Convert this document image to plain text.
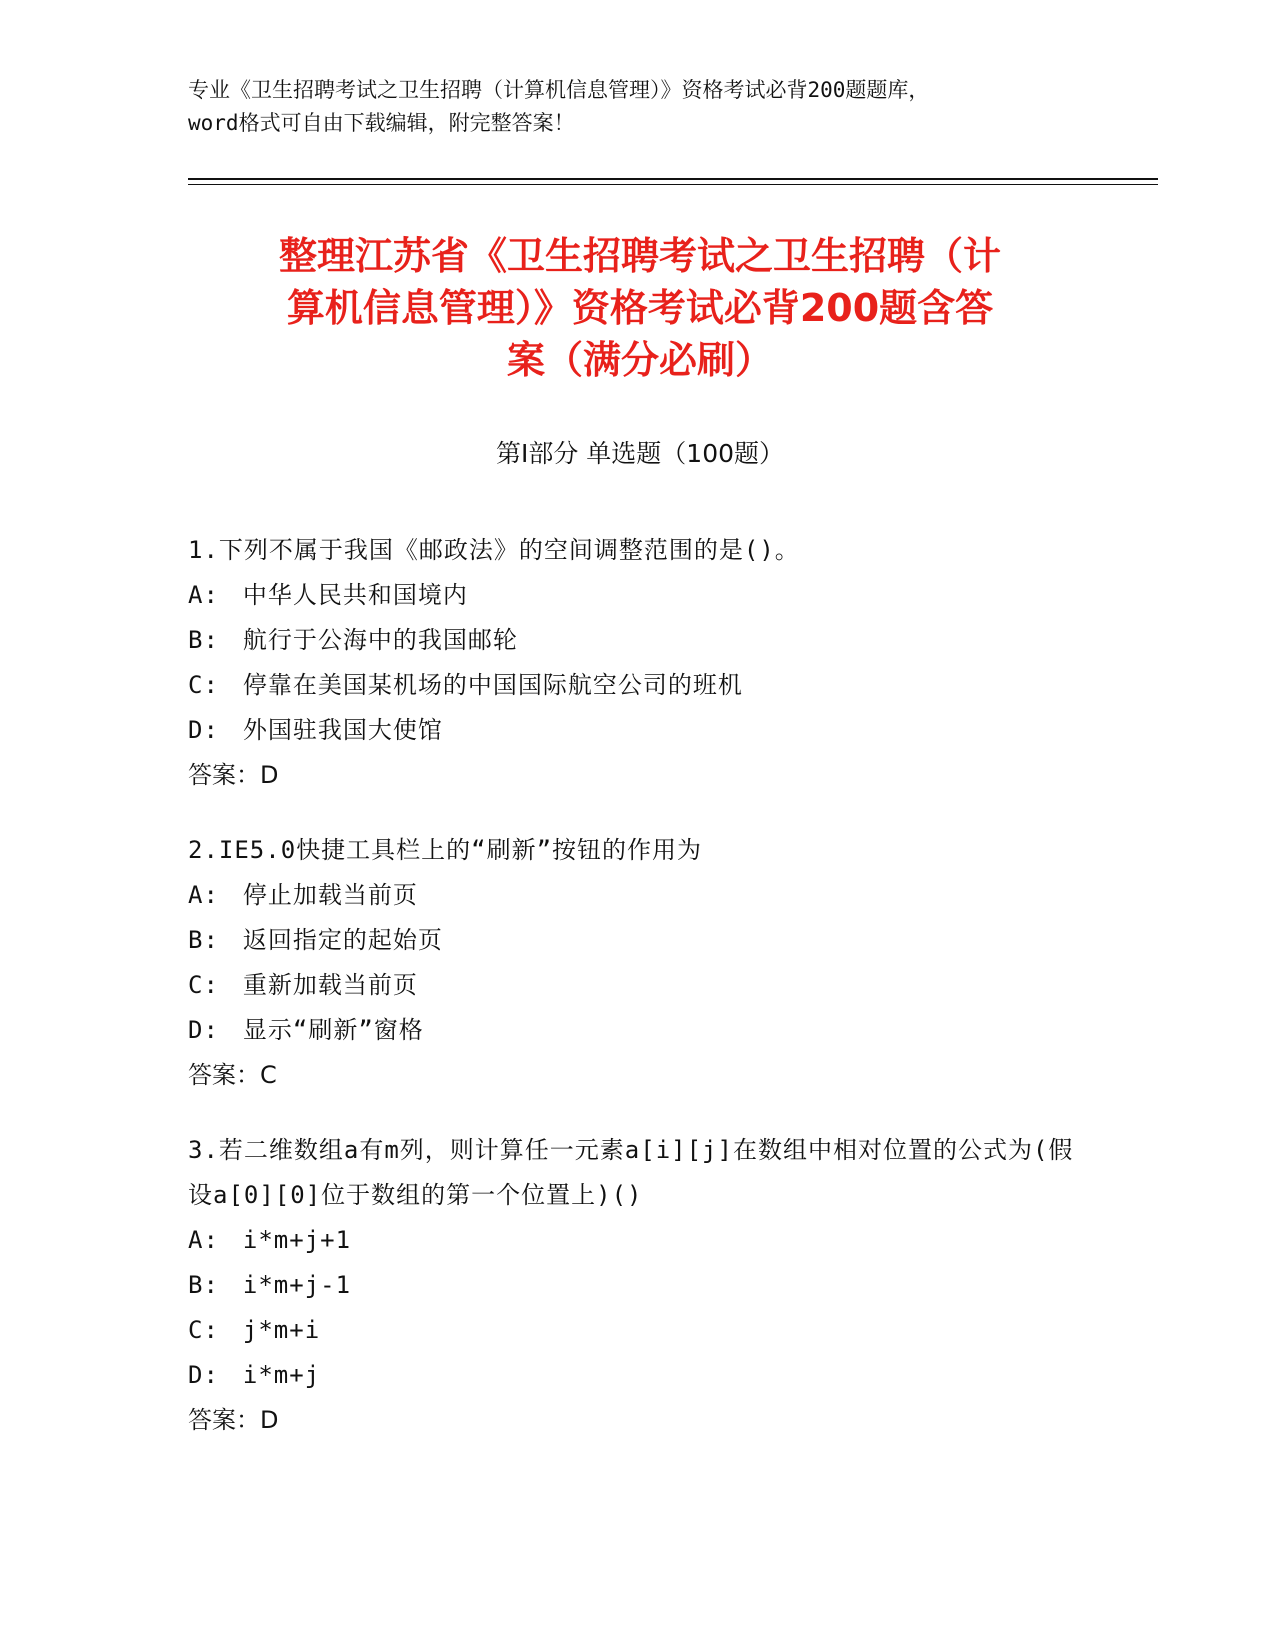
专业《卫生招聘考试之卫生招聘（计算机信息管理）》资格考试必背200题题库，
word格式可自由下载编辑，附完整答案！
整理江苏省《卫生招聘考试之卫生招聘（计
算机信息管理）》资格考试必背200题含答
案（满分必刷）
第Ⅰ部分 单选题（100题）
1.下列不属于我国《邮政法》的空间调整范围的是()。
A: 中华人民共和国境内
B: 航行于公海中的我国邮轮
C: 停靠在美国某机场的中国国际航空公司的班机
D: 外国驻我国大使馆
答案：D
2.IE5.0快捷工具栏上的“刷新”按钮的作用为
A: 停止加载当前页
B: 返回指定的起始页
C: 重新加载当前页
D: 显示“刷新”窗格
答案：C
3.若二维数组a有m列，则计算任一元素a[i][j]在数组中相对位置的公式为(假设a[0][0]位于数组的第一个位置上)()
A: i*m+j+1
B: i*m+j-1
C: j*m+i
D: i*m+j
答案：D
